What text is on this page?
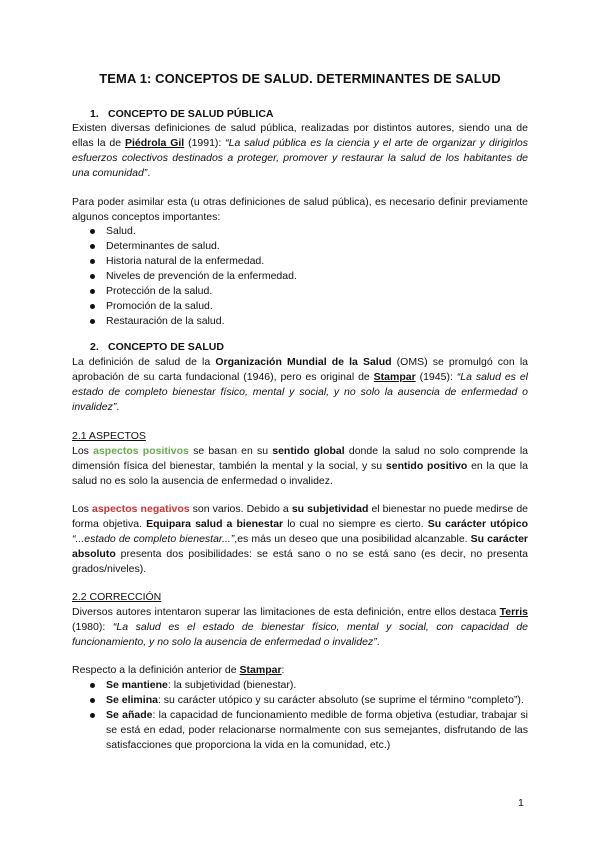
TEMA 1: CONCEPTOS DE SALUD. DETERMINANTES DE SALUD
1. CONCEPTO DE SALUD PÚBLICA
Existen diversas definiciones de salud pública, realizadas por distintos autores, siendo una de ellas la de Piédrola Gil (1991): “La salud pública es la ciencia y el arte de organizar y dirigirlos esfuerzos colectivos destinados a proteger, promover y restaurar la salud de los habitantes de una comunidad”.
Para poder asimilar esta (u otras definiciones de salud pública), es necesario definir previamente algunos conceptos importantes:
Salud.
Determinantes de salud.
Historia natural de la enfermedad.
Niveles de prevención de la enfermedad.
Protección de la salud.
Promoción de la salud.
Restauración de la salud.
2. CONCEPTO DE SALUD
La definición de salud de la Organización Mundial de la Salud (OMS) se promulgó con la aprobación de su carta fundacional (1946), pero es original de Stampar (1945): “La salud es el estado de completo bienestar físico, mental y social, y no solo la ausencia de enfermedad o invalidez”.
2.1 ASPECTOS
Los aspectos positivos se basan en su sentido global donde la salud no solo comprende la dimensión física del bienestar, también la mental y la social, y su sentido positivo en la que la salud no es solo la ausencia de enfermedad o invalidez.
Los aspectos negativos son varios. Debido a su subjetividad el bienestar no puede medirse de forma objetiva. Equipara salud a bienestar lo cual no siempre es cierto. Su carácter utópico “...estado de completo bienestar...”,es más un deseo que una posibilidad alcanzable. Su carácter absoluto presenta dos posibilidades: se está sano o no se está sano (es decir, no presenta grados/niveles).
2.2 CORRECCIÓN
Diversos autores intentaron superar las limitaciones de esta definición, entre ellos destaca Terris (1980): “La salud es el estado de bienestar físico, mental y social, con capacidad de funcionamiento, y no solo la ausencia de enfermedad o invalidez”.
Respecto a la definición anterior de Stampar:
Se mantiene: la subjetividad (bienestar).
Se elimina: su carácter utópico y su carácter absoluto (se suprime el término “completo”).
Se añade: la capacidad de funcionamiento medible de forma objetiva (estudiar, trabajar si se está en edad, poder relacionarse normalmente con sus semejantes, disfrutando de las satisfacciones que proporciona la vida en la comunidad, etc.)
1
